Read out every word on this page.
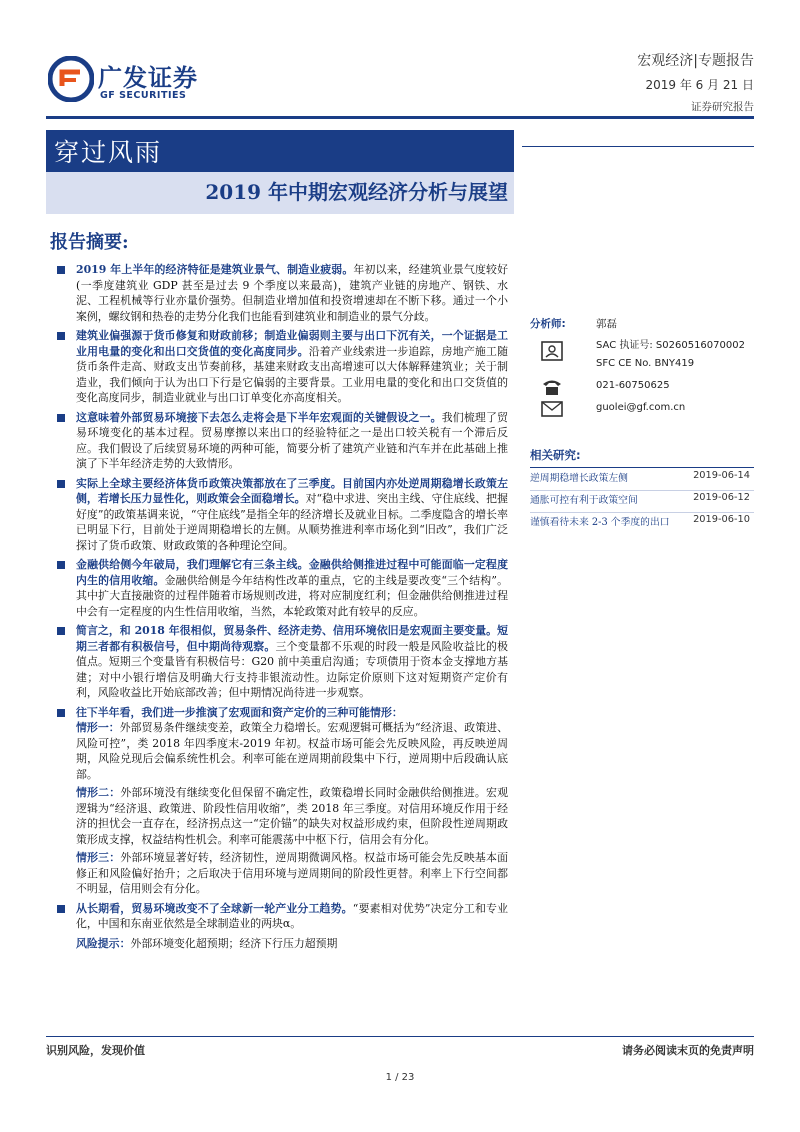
广发证券
GF SECURITIES
宏观经济|专题报告
2019 年 6 月 21 日
证券研究报告
穿过风雨
2019 年中期宏观经济分析与展望
报告摘要:
2019 年上半年的经济特征是建筑业景气、制造业疲弱。年初以来，经建筑业景气度较好(一季度建筑业 GDP 甚至是过去 9 个季度以来最高)，建筑产业链的房地产、钢铁、水泥、工程机械等行业亦量价强势。但制造业增加值和投资增速却在不断下移。通过一个小案例，螺纹钢和热卷的走势分化我们也能看到建筑业和制造业的景气分歧。
建筑业偏强源于货币修复和财政前移；制造业偏弱则主要与出口下沉有关，一个证据是工业用电量的变化和出口交货值的变化高度同步。沿着产业线索进一步追踪，房地产施工随货币条件走高、财政支出节奏前移，基建来财政支出高增速可以大体解释建筑业；关于制造业，我们倾向于认为出口下行是它偏弱的主要背景。工业用电量的变化和出口交货值的变化高度同步，制造业就业与出口订单变化亦高度相关。
这意味着外部贸易环境接下去怎么走将会是下半年宏观面的关键假设之一。我们梳理了贸易环境变化的基本过程。贸易摩擦以来出口的经验特征之一是出口较关税有一个滞后反应。我们假设了后续贸易环境的两种可能，简要分析了建筑产业链和汽车并在此基础上推演了下半年经济走势的大致情形。
实际上全球主要经济体货币政策决策都放在了三季度。目前国内亦处逆周期稳增长政策左侧，若增长压力显性化，则政策会全面稳增长。对“稳中求进、突出主线、守住底线、把握好度”的政策基调来说，“守住底线”是指全年的经济增长及就业目标。二季度隐含的增长率已明显下行，目前处于逆周期稳增长的左侧。从顺势推进利率市场化到“旧改”，我们广泛探讨了货币政策、财政政策的各种理论空间。
金融供给侧今年破局，我们理解它有三条主线。金融供给侧推进过程中可能面临一定程度内生的信用收缩。金融供给侧是今年结构性改革的重点，它的主线是要改变“三个结构”。其中扩大直接融资的过程伴随着市场规则改进，将对应制度红利；但金融供给侧推进过程中会有一定程度的内生性信用收缩，当然，本轮政策对此有较早的反应。
简言之，和 2018 年很相似，贸易条件、经济走势、信用环境依旧是宏观面主要变量。短期三者都有积极信号，但中期尚待观察。三个变量都不乐观的时段一般是风险收益比的极值点。短期三个变量皆有积极信号：G20 前中美重启沟通；专项债用于资本金支撑地方基建；对中小银行增信及明确大行支持非银流动性。边际定价原则下这对短期资产定价有利，风险收益比开始底部改善；但中期情况尚待进一步观察。
往下半年看，我们进一步推演了宏观面和资产定价的三种可能情形：
情形一：外部贸易条件继续变差，政策全力稳增长。宏观逻辑可概括为“经济退、政策进、风险可控”，类 2018 年四季度末-2019 年初。权益市场可能会先反映风险，再反映逆周期，风险兑现后会偏系统性机会。利率可能在逆周期前段集中下行，逆周期中后段确认底部。
情形二：外部环境没有继续变化但保留不确定性，政策稳增长同时金融供给侧推进。宏观逻辑为“经济退、政策进、阶段性信用收缩”，类 2018 年三季度。对信用环境反作用于经济的担忧会一直存在，经济拐点这一“定价锚”的缺失对权益形成约束，但阶段性逆周期政策形成支撑，权益结构性机会。利率可能震荡中中枢下行，信用会有分化。
情形三：外部环境显著好转，经济韧性，逆周期微调风格。权益市场可能会先反映基本面修正和风险偏好抬升；之后取决于信用环境与逆周期间的阶段性更替。利率上下行空间都不明显，信用则会有分化。
从长期看，贸易环境改变不了全球新一轮产业分工趋势。“要素相对优势”决定分工和专业化，中国和东南亚依然是全球制造业的两块α。
风险提示：外部环境变化超预期；经济下行压力超预期
分析师:	郭磊
SAC 执证号: S0260516070002
SFC CE No. BNY419
021-60750625
guolei@gf.com.cn
相关研究:
逆周期稳增长政策左侧	2019-06-14
通胀可控有利于政策空间	2019-06-12
谨慎看待未来 2-3 个季度的出口 2019-06-10
识别风险，发现价值	请务必阅读末页的免责声明
1 / 23
